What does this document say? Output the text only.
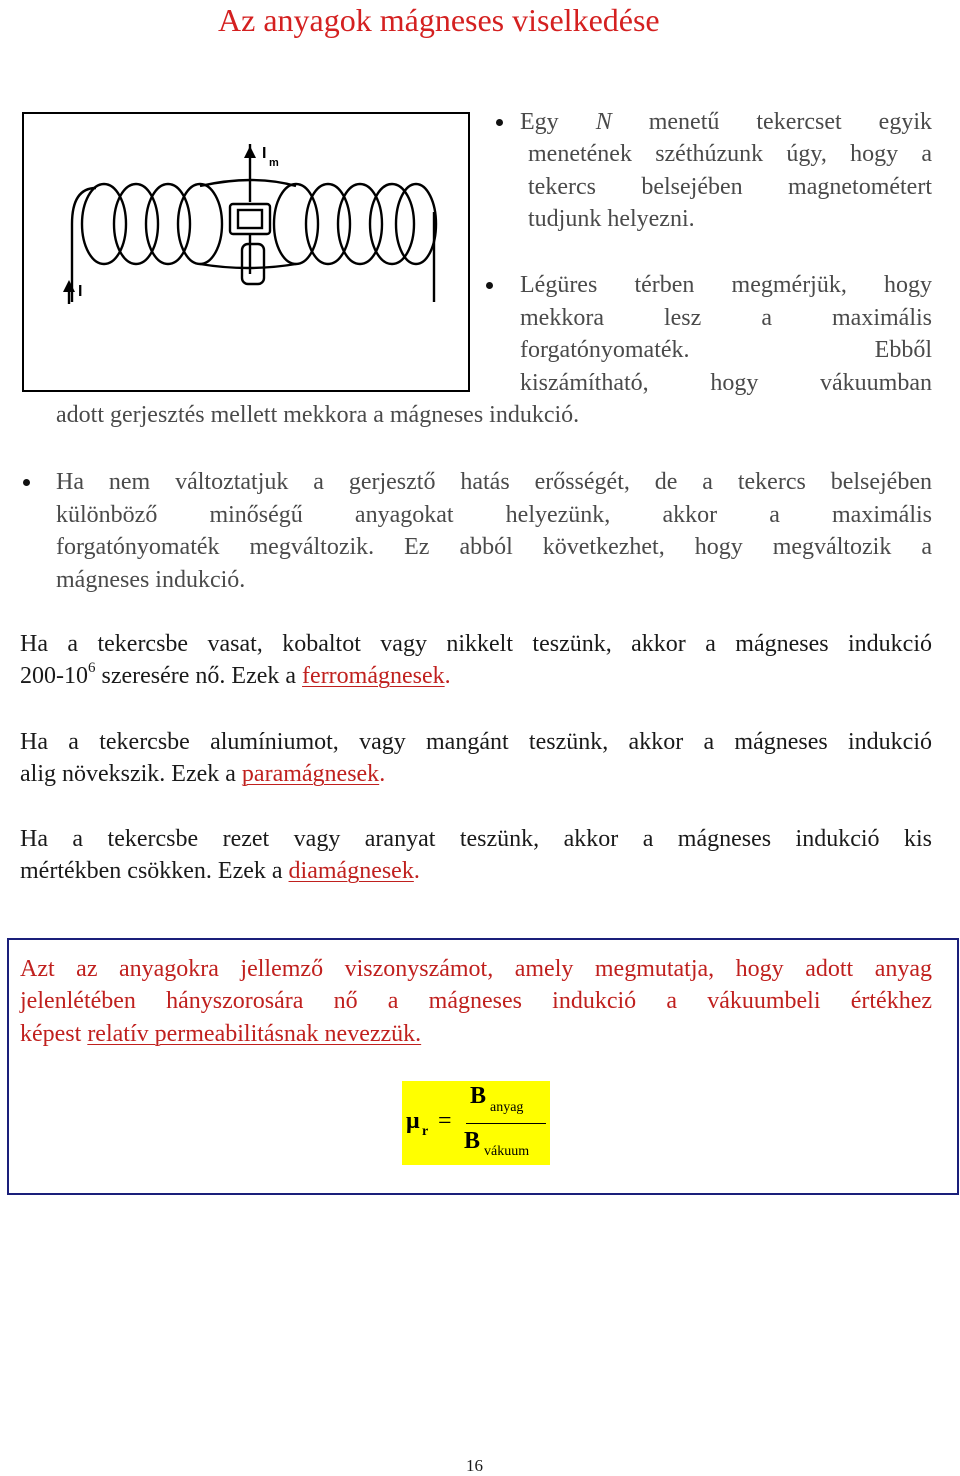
Az anyagok mágneses viselkedése
I
m
I
Egy N menetű tekercset egyik
menetének széthúzunk úgy, hogy a
tekercs belsejében magnetométert
tudjunk helyezni.
Légüres térben megmérjük, hogy
mekkora lesz a maximális
forgatónyomaték. Ebből
kiszámítható, hogy vákuumban
adott gerjesztés mellett mekkora a mágneses indukció.
Ha nem változtatjuk a gerjesztő hatás erősségét, de a tekercs belsejében
különböző minőségű anyagokat helyezünk, akkor a maximális
forgatónyomaték megváltozik. Ez abból következhet, hogy megváltozik a
mágneses indukció.
Ha a tekercsbe vasat, kobaltot vagy nikkelt teszünk, akkor a mágneses indukció
$200-10^6$ szeresére nő. Ezek a ferromágnesek.
Ha a tekercsbe alumíniumot, vagy mangánt teszünk, akkor a mágneses indukció
alig növekszik. Ezek a paramágnesek.
Ha a tekercsbe rezet vagy aranyat teszünk, akkor a mágneses indukció kis
mértékben csökken. Ezek a diamágnesek.
Azt az anyagokra jellemző viszonyszámot, amely megmutatja, hogy adott anyag
jelenlétében hányszorosára nő a mágneses indukció a vákuumbeli értékhez
képest relatív permeabilitásnak nevezzük.
μ r =
B anyag
B vákuum
16
